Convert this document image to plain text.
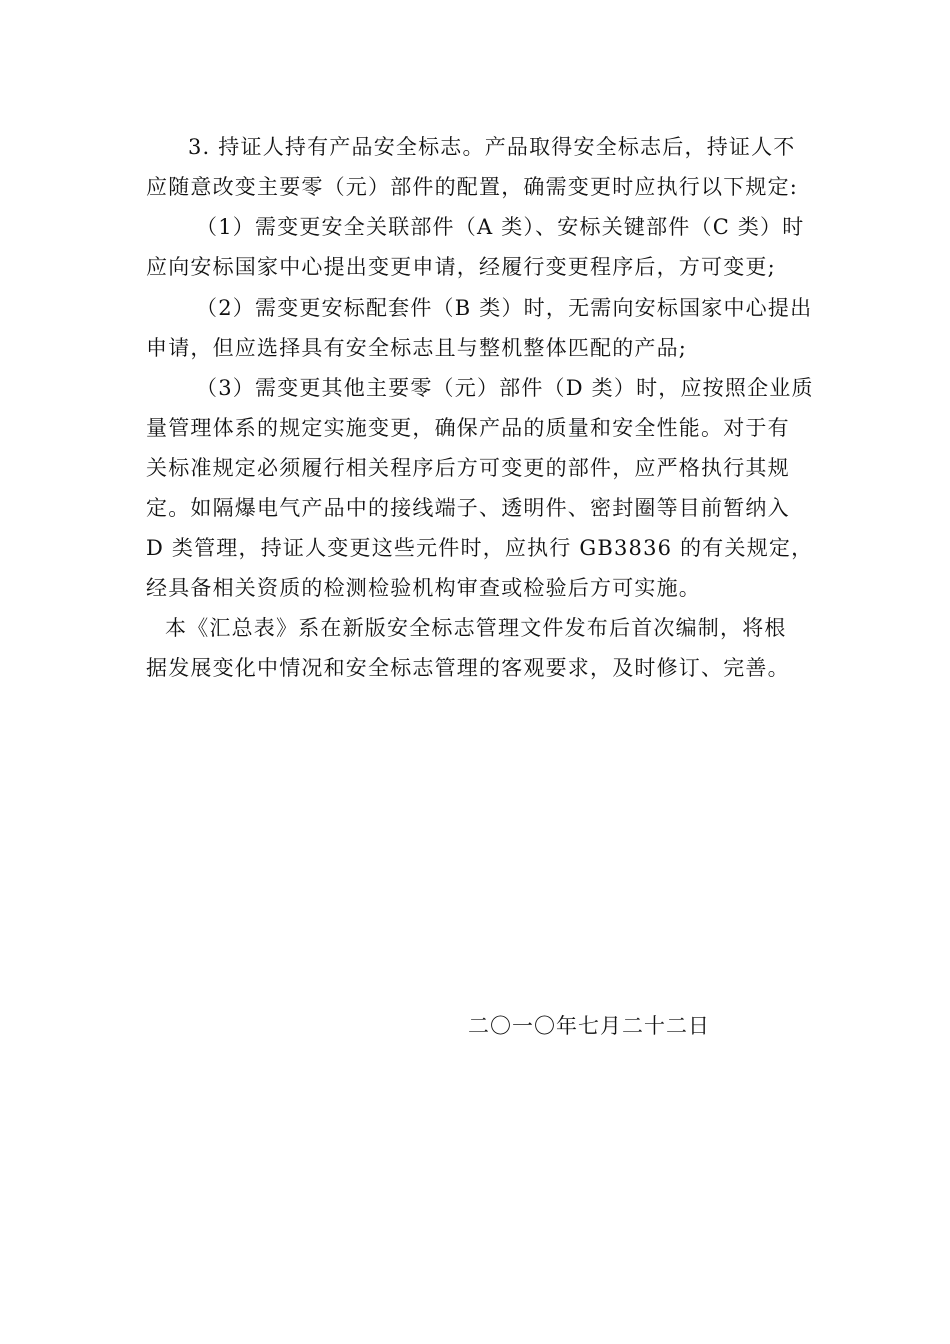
3. 持证人持有产品安全标志。产品取得安全标志后，持证人不
应随意改变主要零（元）部件的配置，确需变更时应执行以下规定:
（1）需变更安全关联部件（A 类）、安标关键部件（C 类）时
应向安标国家中心提出变更申请，经履行变更程序后，方可变更;
（2）需变更安标配套件（B 类）时，无需向安标国家中心提出
申请，但应选择具有安全标志且与整机整体匹配的产品;
（3）需变更其他主要零（元）部件（D 类）时，应按照企业质
量管理体系的规定实施变更，确保产品的质量和安全性能。对于有
关标准规定必须履行相关程序后方可变更的部件，应严格执行其规
定。如隔爆电气产品中的接线端子、透明件、密封圈等目前暂纳入
D 类管理，持证人变更这些元件时，应执行 GB3836 的有关规定，
经具备相关资质的检测检验机构审查或检验后方可实施。
本《汇总表》系在新版安全标志管理文件发布后首次编制，将根
据发展变化中情况和安全标志管理的客观要求，及时修订、完善。
二〇一〇年七月二十二日
